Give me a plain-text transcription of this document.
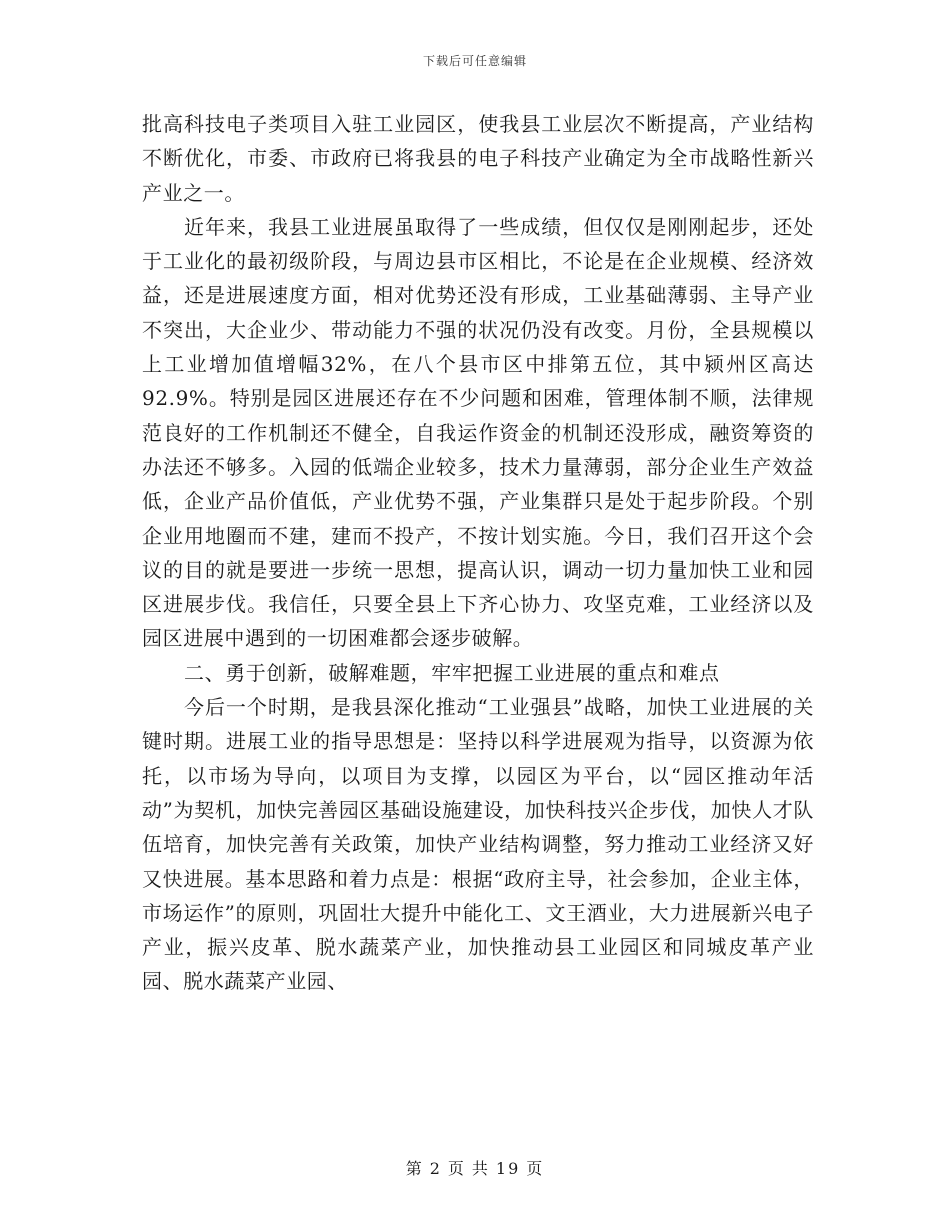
下载后可任意编辑

批高科技电子类项目入驻工业园区，使我县工业层次不断提高，产业结构不断优化，市委、市政府已将我县的电子科技产业确定为全市战略性新兴产业之一。

近年来，我县工业进展虽取得了一些成绩，但仅仅是刚刚起步，还处于工业化的最初级阶段，与周边县市区相比，不论是在企业规模、经济效益，还是进展速度方面，相对优势还没有形成，工业基础薄弱、主导产业不突出，大企业少、带动能力不强的状况仍没有改变。月份，全县规模以上工业增加值增幅32%，在八个县市区中排第五位，其中颍州区高达92.9%。特别是园区进展还存在不少问题和困难，管理体制不顺，法律规范良好的工作机制还不健全，自我运作资金的机制还没形成，融资筹资的办法还不够多。入园的低端企业较多，技术力量薄弱，部分企业生产效益低，企业产品价值低，产业优势不强，产业集群只是处于起步阶段。个别企业用地圈而不建，建而不投产，不按计划实施。今日，我们召开这个会议的目的就是要进一步统一思想，提高认识，调动一切力量加快工业和园区进展步伐。我信任，只要全县上下齐心协力、攻坚克难，工业经济以及园区进展中遇到的一切困难都会逐步破解。

二、勇于创新，破解难题，牢牢把握工业进展的重点和难点

今后一个时期，是我县深化推动“工业强县”战略，加快工业进展的关键时期。进展工业的指导思想是：坚持以科学进展观为指导，以资源为依托，以市场为导向，以项目为支撑，以园区为平台，以“园区推动年活动”为契机，加快完善园区基础设施建设，加快科技兴企步伐，加快人才队伍培育，加快完善有关政策，加快产业结构调整，努力推动工业经济又好又快进展。基本思路和着力点是：根据“政府主导，社会参加，企业主体，市场运作”的原则，巩固壮大提升中能化工、文王酒业，大力进展新兴电子产业，振兴皮革、脱水蔬菜产业，加快推动县工业园区和同城皮革产业园、脱水蔬菜产业园、

第 2 页 共 19 页
